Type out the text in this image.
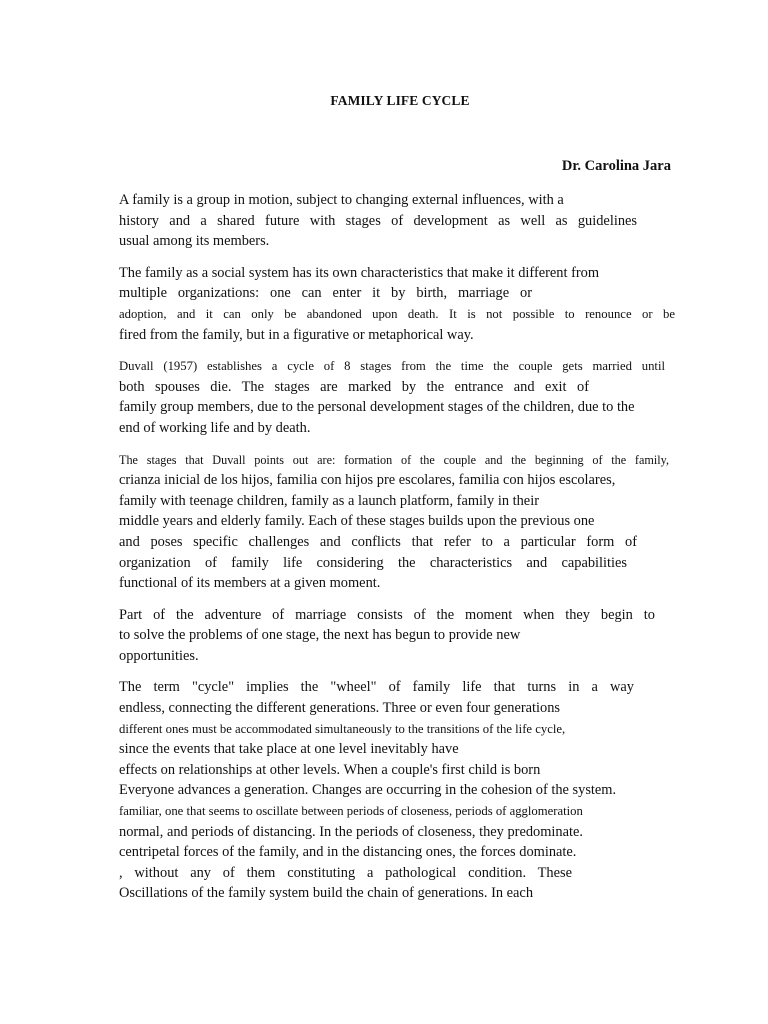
FAMILY LIFE CYCLE

Dr. Carolina Jara

A family is a group in motion, subject to changing external influences, with a
history and a shared future with stages of development as well as guidelines
usual among its members.
The family as a social system has its own characteristics that make it different from
multiple organizations: one can enter it by birth, marriage or
adoption, and it can only be abandoned upon death. It is not possible to renounce or be
fired from the family, but in a figurative or metaphorical way.
Duvall (1957) establishes a cycle of 8 stages from the time the couple gets married until
both spouses die. The stages are marked by the entrance and exit of
family group members, due to the personal development stages of the children, due to the
end of working life and by death.
The stages that Duvall points out are: formation of the couple and the beginning of the family,
crianza inicial de los hijos, familia con hijos pre escolares, familia con hijos escolares,
family with teenage children, family as a launch platform, family in their
middle years and elderly family. Each of these stages builds upon the previous one
and poses specific challenges and conflicts that refer to a particular form of
organization of family life considering the characteristics and capabilities
functional of its members at a given moment.
Part of the adventure of marriage consists of the moment when they begin to
to solve the problems of one stage, the next has begun to provide new
opportunities.
The term "cycle" implies the "wheel" of family life that turns in a way
endless, connecting the different generations. Three or even four generations
different ones must be accommodated simultaneously to the transitions of the life cycle,
since the events that take place at one level inevitably have
effects on relationships at other levels. When a couple's first child is born
Everyone advances a generation. Changes are occurring in the cohesion of the system.
familiar, one that seems to oscillate between periods of closeness, periods of agglomeration
normal, and periods of distancing. In the periods of closeness, they predominate.
centripetal forces of the family, and in the distancing ones, the forces dominate.
, without any of them constituting a pathological condition. These
Oscillations of the family system build the chain of generations. In each
